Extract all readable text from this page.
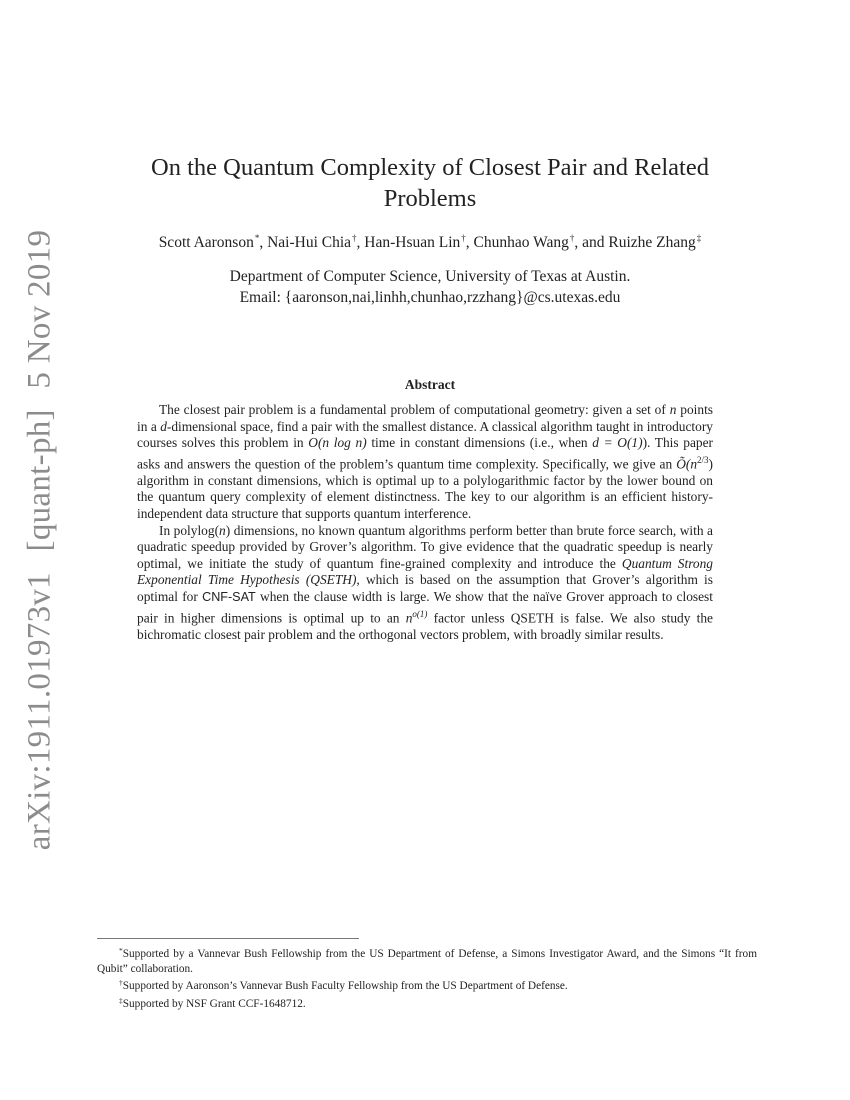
arXiv:1911.01973v1 [quant-ph] 5 Nov 2019
On the Quantum Complexity of Closest Pair and Related
Problems
Scott Aaronson*, Nai-Hui Chia†, Han-Hsuan Lin†, Chunhao Wang†, and Ruizhe Zhang‡
Department of Computer Science, University of Texas at Austin.
Email: {aaronson,nai,linhh,chunhao,rzzhang}@cs.utexas.edu
Abstract

The closest pair problem is a fundamental problem of computational geometry: given a set of n points in a d-dimensional space, find a pair with the smallest distance. A classical algorithm taught in introductory courses solves this problem in O(n log n) time in constant dimensions (i.e., when d = O(1)). This paper asks and answers the question of the problem’s quantum time complexity. Specifically, we give an $Õ(n^{2/3})$ algorithm in constant dimensions, which is optimal up to a polylogarithmic factor by the lower bound on the quantum query complexity of element distinctness. The key to our algorithm is an efficient history-independent data structure that supports quantum interference.

In polylog(n) dimensions, no known quantum algorithms perform better than brute force search, with a quadratic speedup provided by Grover’s algorithm. To give evidence that the quadratic speedup is nearly optimal, we initiate the study of quantum fine-grained complexity and introduce the Quantum Strong Exponential Time Hypothesis (QSETH), which is based on the assumption that Grover’s algorithm is optimal for CNF-SAT when the clause width is large. We show that the naïve Grover approach to closest pair in higher dimensions is optimal up to an $n^{o(1)}$ factor unless QSETH is false. We also study the bichromatic closest pair problem and the orthogonal vectors problem, with broadly similar results.

*Supported by a Vannevar Bush Fellowship from the US Department of Defense, a Simons Investigator Award, and the Simons “It from Qubit” collaboration.

†Supported by Aaronson’s Vannevar Bush Faculty Fellowship from the US Department of Defense.

‡Supported by NSF Grant CCF-1648712.
